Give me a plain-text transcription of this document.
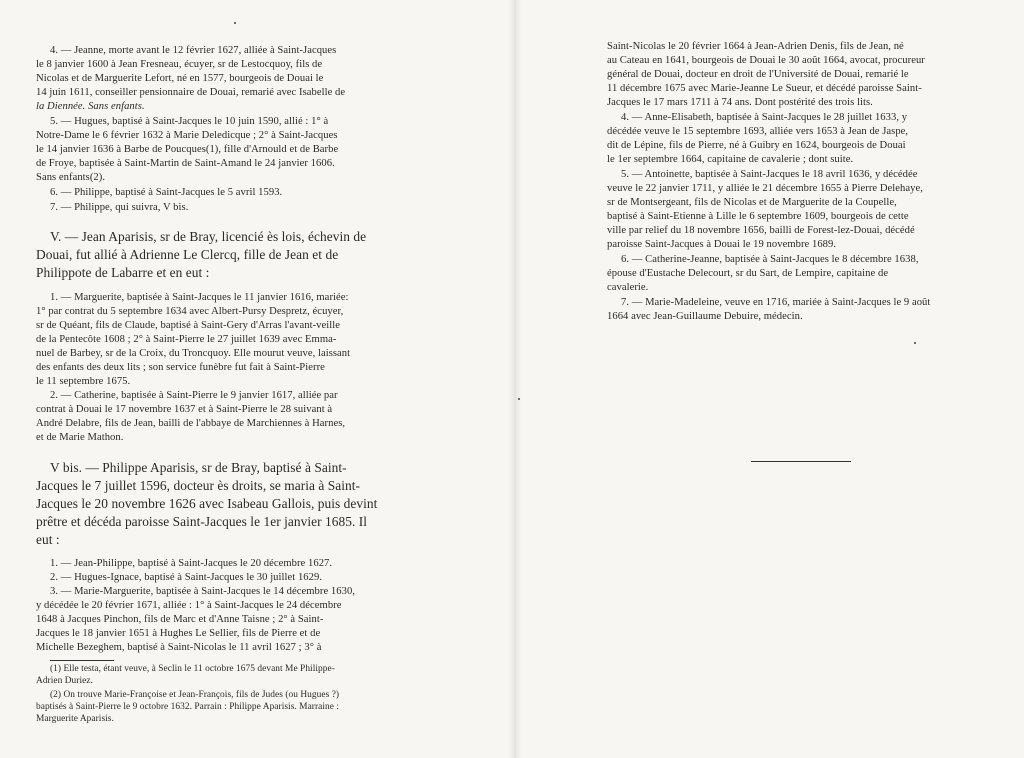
4. — Jeanne, morte avant le 12 février 1627, alliée à Saint-Jacques
le 8 janvier 1600 à Jean Fresneau, écuyer, sr de Lestocquoy, fils de
Nicolas et de Marguerite Lefort, né en 1577, bourgeois de Douai le
14 juin 1611, conseiller pensionnaire de Douai, remarié avec Isabelle de
la Diennée. Sans enfants.
5. — Hugues, baptisé à Saint-Jacques le 10 juin 1590, allié : 1° à
Notre-Dame le 6 février 1632 à Marie Deledicque ; 2° à Saint-Jacques
le 14 janvier 1636 à Barbe de Poucques(1), fille d'Arnould et de Barbe
de Froye, baptisée à Saint-Martin de Saint-Amand le 24 janvier 1606.
Sans enfants(2).
6. — Philippe, baptisé à Saint-Jacques le 5 avril 1593.
7. — Philippe, qui suivra, V bis.
V. — Jean Aparisis, sr de Bray, licencié ès lois, échevin de
Douai, fut allié à Adrienne Le Clercq, fille de Jean et de
Philippote de Labarre et en eut :
1. — Marguerite, baptisée à Saint-Jacques le 11 janvier 1616, mariée:
1° par contrat du 5 septembre 1634 avec Albert-Pursy Despretz, écuyer,
sr de Quéant, fils de Claude, baptisé à Saint-Gery d'Arras l'avant-veille
de la Pentecôte 1608 ; 2° à Saint-Pierre le 27 juillet 1639 avec Emma-
nuel de Barbey, sr de la Croix, du Troncquoy. Elle mourut veuve, laissant
des enfants des deux lits ; son service funèbre fut fait à Saint-Pierre
le 11 septembre 1675.
2. — Catherine, baptisée à Saint-Pierre le 9 janvier 1617, alliée par
contrat à Douai le 17 novembre 1637 et à Saint-Pierre le 28 suivant à
André Delabre, fils de Jean, bailli de l'abbaye de Marchiennes à Harnes,
et de Marie Mathon.
V bis. — Philippe Aparisis, sr de Bray, baptisé à Saint-
Jacques le 7 juillet 1596, docteur ès droits, se maria à Saint-
Jacques le 20 novembre 1626 avec Isabeau Gallois, puis devint
prêtre et décéda paroisse Saint-Jacques le 1er janvier 1685. Il
eut :
1. — Jean-Philippe, baptisé à Saint-Jacques le 20 décembre 1627.
2. — Hugues-Ignace, baptisé à Saint-Jacques le 30 juillet 1629.
3. — Marie-Marguerite, baptisée à Saint-Jacques le 14 décembre 1630,
y décédée le 20 février 1671, alliée : 1° à Saint-Jacques le 24 décembre
1648 à Jacques Pinchon, fils de Marc et d'Anne Taisne ; 2° à Saint-
Jacques le 18 janvier 1651 à Hughes Le Sellier, fils de Pierre et de
Michelle Bezeghem, baptisé à Saint-Nicolas le 11 avril 1627 ; 3° à
(1) Elle testa, étant veuve, à Seclin le 11 octobre 1675 devant Me Philippe-
Adrien Duriez.
(2) On trouve Marie-Françoise et Jean-François, fils de Judes (ou Hugues ?)
baptisés à Saint-Pierre le 9 octobre 1632. Parrain : Philippe Aparisis. Marraine :
Marguerite Aparisis.
Saint-Nicolas le 20 février 1664 à Jean-Adrien Denis, fils de Jean, né
au Cateau en 1641, bourgeois de Douai le 30 août 1664, avocat, procureur
général de Douai, docteur en droit de l'Université de Douai, remarié le
11 décembre 1675 avec Marie-Jeanne Le Sueur, et décédé paroisse Saint-
Jacques le 17 mars 1711 à 74 ans. Dont postérité des trois lits.
4. — Anne-Elisabeth, baptisée à Saint-Jacques le 28 juillet 1633, y
décédée veuve le 15 septembre 1693, alliée vers 1653 à Jean de Jaspe,
dit de Lépine, fils de Pierre, né à Guibry en 1624, bourgeois de Douai
le 1er septembre 1664, capitaine de cavalerie ; dont suite.
5. — Antoinette, baptisée à Saint-Jacques le 18 avril 1636, y décédée
veuve le 22 janvier 1711, y alliée le 21 décembre 1655 à Pierre Delehaye,
sr de Montsergeant, fils de Nicolas et de Marguerite de la Coupelle,
baptisé à Saint-Etienne à Lille le 6 septembre 1609, bourgeois de cette
ville par relief du 18 novembre 1656, bailli de Forest-lez-Douai, décédé
paroisse Saint-Jacques à Douai le 19 novembre 1689.
6. — Catherine-Jeanne, baptisée à Saint-Jacques le 8 décembre 1638,
épouse d'Eustache Delecourt, sr du Sart, de Lempire, capitaine de
cavalerie.
7. — Marie-Madeleine, veuve en 1716, mariée à Saint-Jacques le 9 août
1664 avec Jean-Guillaume Debuire, médecin.
